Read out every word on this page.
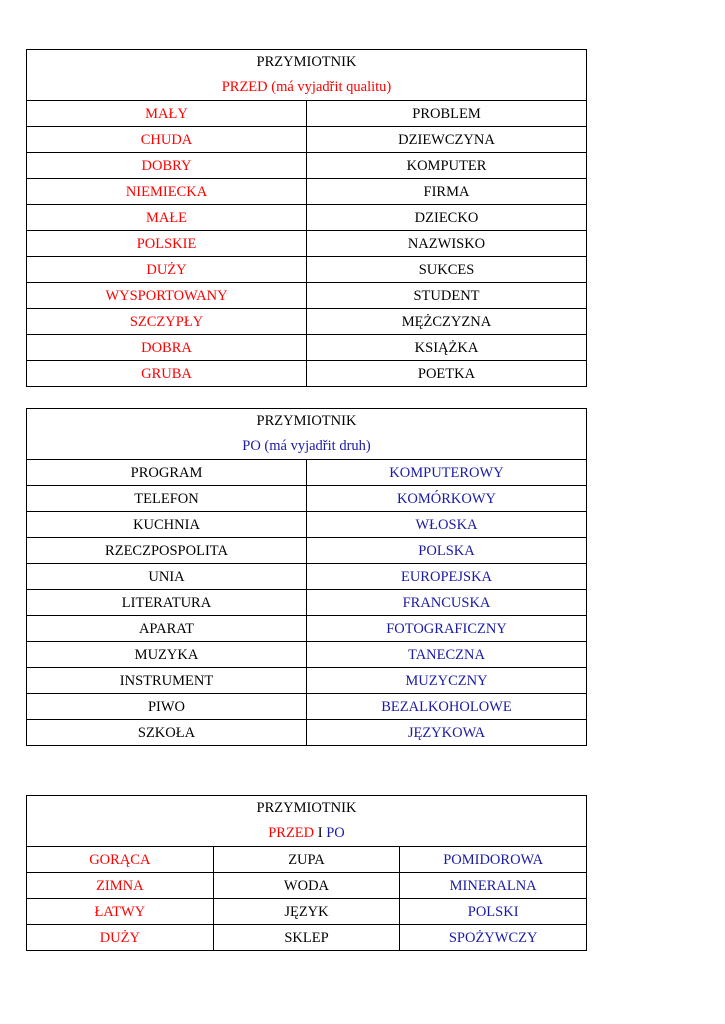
PRZYMIOTNIK
PRZED (má vyjadřit qualitu)	

MAŁY	PROBLEM
CHUDA	DZIEWCZYNA
DOBRY	KOMPUTER
NIEMIECKA	FIRMA
MAŁE	DZIECKO
POLSKIE	NAZWISKO
DUŻY	SUKCES
WYSPORTOWANY	STUDENT
SZCZYPŁY	MĘŻCZYZNA
DOBRA	KSIĄŻKA
GRUBA	POETKA
PRZYMIOTNIK
PO (má vyjadřit druh)	

PROGRAM	KOMPUTEROWY
TELEFON	KOMÓRKOWY
KUCHNIA	WŁOSKA
RZECZPOSPOLITA	POLSKA
UNIA	EUROPEJSKA
LITERATURA	FRANCUSKA
APARAT	FOTOGRAFICZNY
MUZYKA	TANECZNA
INSTRUMENT	MUZYCZNY
PIWO	BEZALKOHOLOWE
SZKOŁA	JĘZYKOWA
PRZYMIOTNIK
PRZED I PO		

GORĄCA	ZUPA	POMIDOROWA
ZIMNA	WODA	MINERALNA
ŁATWY	JĘZYK	POLSKI
DUŻY	SKLEP	SPOŻYWCZY
